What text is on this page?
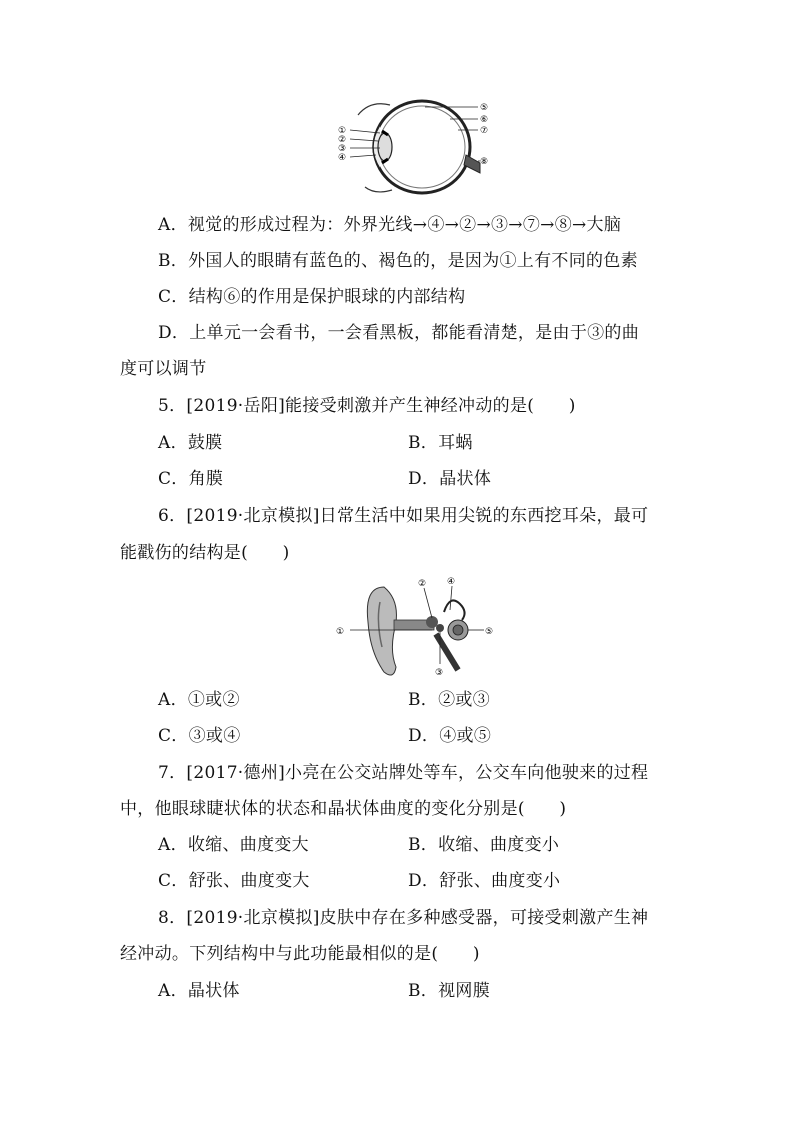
①
②
③
④
⑤
⑥
⑦
⑧
A．视觉的形成过程为：外界光线→④→②→③→⑦→⑧→大脑
B．外国人的眼睛有蓝色的、褐色的，是因为①上有不同的色素
C．结构⑥的作用是保护眼球的内部结构
D．上单元一会看书，一会看黑板，都能看清楚，是由于③的曲
度可以调节
5．[2019·岳阳]能接受刺激并产生神经冲动的是(　　)
A．鼓膜	B．耳蜗
C．角膜	D．晶状体
6．[2019·北京模拟]日常生活中如果用尖锐的东西挖耳朵，最可
能戳伤的结构是(　　)
①
②
③
④
⑤
A．①或②	B．②或③
C．③或④	D．④或⑤
7．[2017·德州]小亮在公交站牌处等车，公交车向他驶来的过程
中，他眼球睫状体的状态和晶状体曲度的变化分别是(　　)
A．收缩、曲度变大	B．收缩、曲度变小
C．舒张、曲度变大	D．舒张、曲度变小
8．[2019·北京模拟]皮肤中存在多种感受器，可接受刺激产生神
经冲动。下列结构中与此功能最相似的是(　　)
A．晶状体	B．视网膜
